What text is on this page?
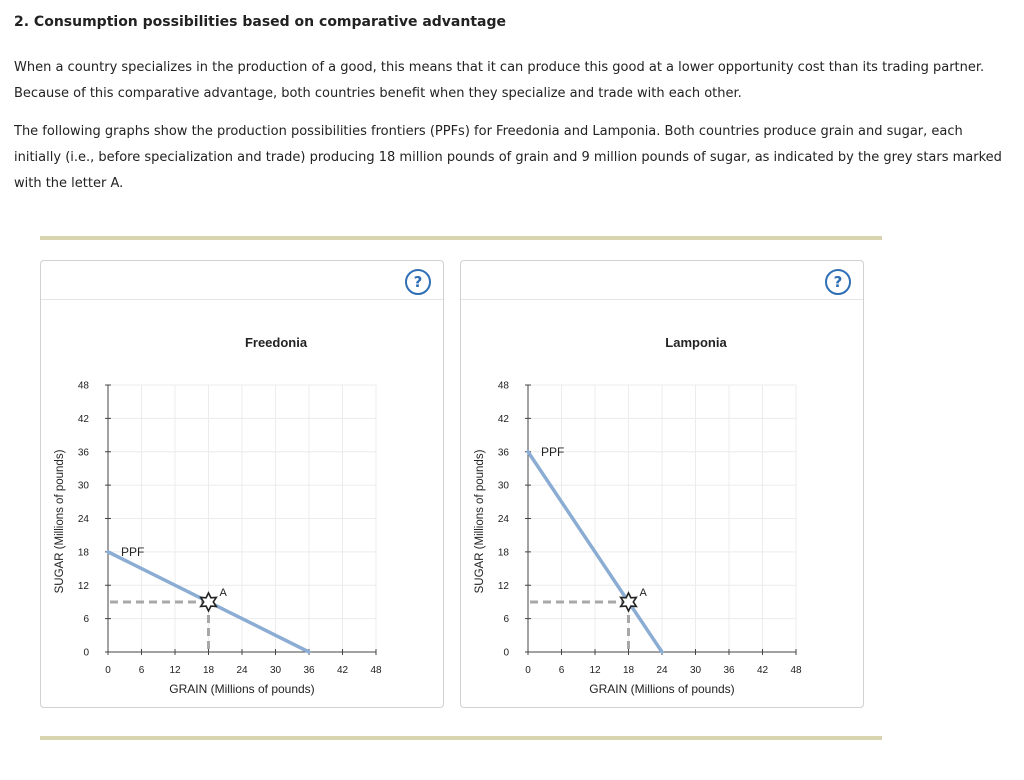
2. Consumption possibilities based on comparative advantage
When a country specializes in the production of a good, this means that it can produce this good at a lower opportunity cost than its trading partner. Because of this comparative advantage, both countries benefit when they specialize and trade with each other.
The following graphs show the production possibilities frontiers (PPFs) for Freedonia and Lamponia. Both countries produce grain and sugar, each initially (i.e., before specialization and trade) producing 18 million pounds of grain and 9 million pounds of sugar, as indicated by the grey stars marked with the letter A.
?
Freedonia
0
6
12
18
24
30
36
42
48
0	6	12 18 24 30 36 42 48
GRAIN (Millions of pounds)
SUGAR (Millions of pounds)	PPF
A
?
Lamponia
0
6
12
18
24
30
36
42
48
0	6	12 18 24 30 36 42 48
GRAIN (Millions of pounds)
SUGAR (Millions of pounds)	PPF
A
